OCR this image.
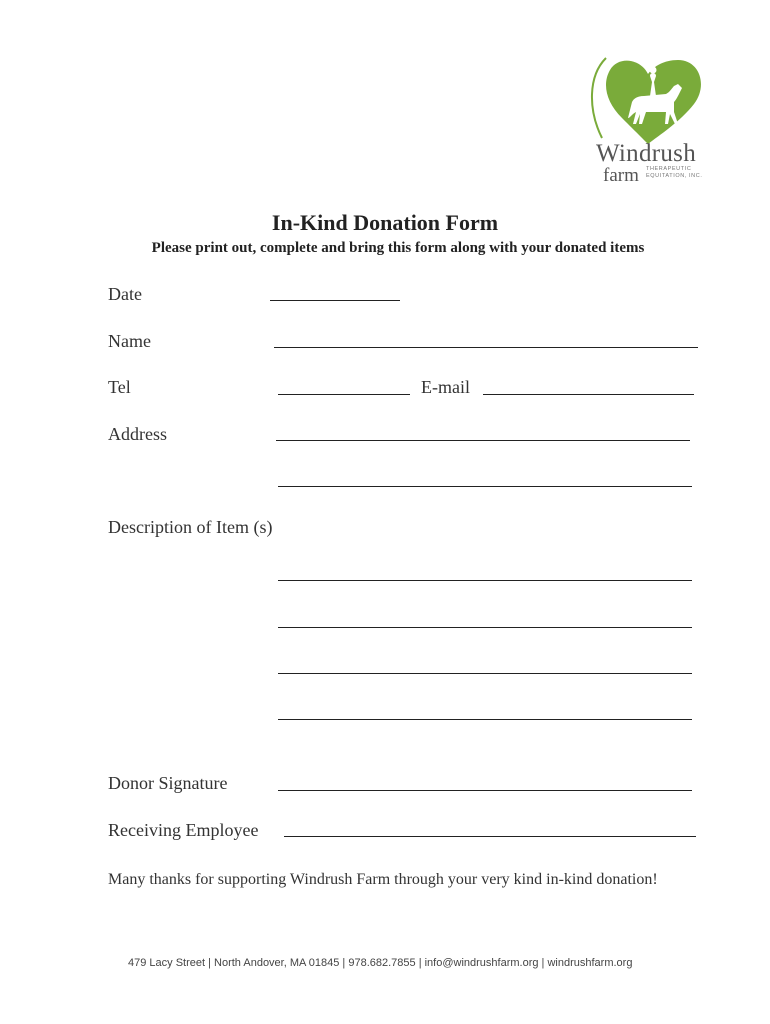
Windrush
farm THERAPEUTIC
EQUITATION, INC.
In-Kind Donation Form
Please print out, complete and bring this form along with your donated items
Date
Name
Tel	E-mail
Address
Description of Item (s)
Donor Signature
Receiving Employee
Many thanks for supporting Windrush Farm through your very kind in-kind donation!
479 Lacy Street | North Andover, MA 01845 | 978.682.7855 | info@windrushfarm.org | windrushfarm.org
